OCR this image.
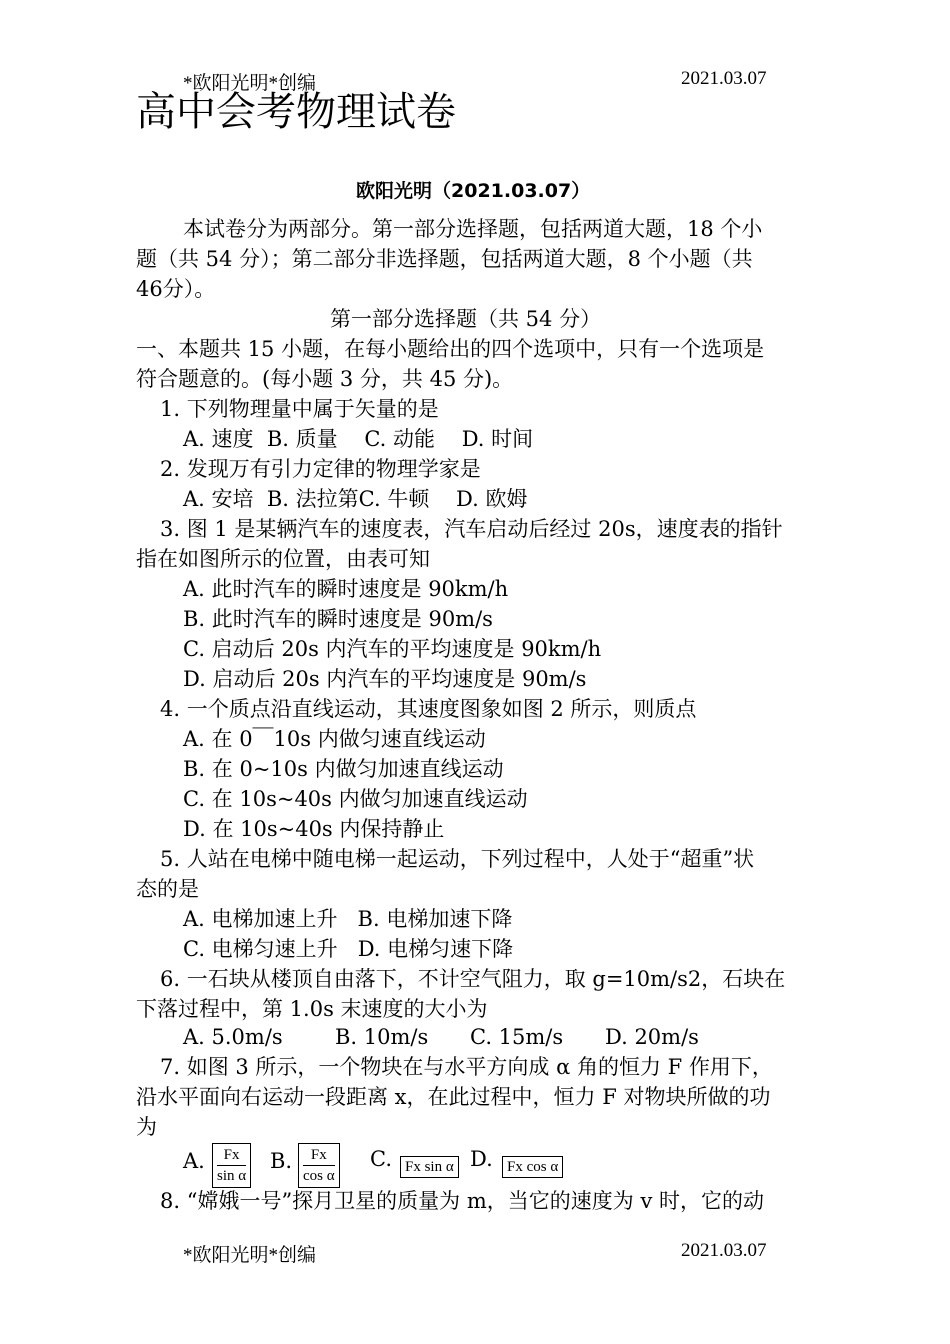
*欧阳光明*创编	2021.03.07
高中会考物理试卷
欧阳光明（2021.03.07）
本试卷分为两部分。第一部分选择题，包括两道大题，18 个小
题（共 54 分）；第二部分非选择题，包括两道大题，8 个小题（共
46分）。
第一部分选择题（共 54 分）
一、本题共 15 小题，在每小题给出的四个选项中，只有一个选项是
符合题意的。(每小题 3 分，共 45 分)。
1. 下列物理量中属于矢量的是
A. 速度  B. 质量    C. 动能    D. 时间
2. 发现万有引力定律的物理学家是
A. 安培  B. 法拉第C. 牛顿    D. 欧姆
3. 图 1 是某辆汽车的速度表，汽车启动后经过 20s，速度表的指针
指在如图所示的位置，由表可知
A. 此时汽车的瞬时速度是 90km/h
B. 此时汽车的瞬时速度是 90m/s
C. 启动后 20s 内汽车的平均速度是 90km/h
D. 启动后 20s 内汽车的平均速度是 90m/s
4. 一个质点沿直线运动，其速度图象如图 2 所示，则质点
A. 在 0￣10s 内做匀速直线运动
B. 在 0~10s 内做匀加速直线运动
C. 在 10s~40s 内做匀加速直线运动
D. 在 10s~40s 内保持静止
5. 人站在电梯中随电梯一起运动，下列过程中，人处于“超重”状
态的是
A. 电梯加速上升   B. 电梯加速下降
C. 电梯匀速上升   D. 电梯匀速下降
6. 一石块从楼顶自由落下，不计空气阻力，取 g=10m/s2，石块在
下落过程中，第 1.0s 末速度的大小为
A. 5.0m/s B. 10m/s C. 15m/s D. 20m/s
7. 如图 3 所示，一个物块在与水平方向成 α 角的恒力 F 作用下，
沿水平面向右运动一段距离 x，在此过程中，恒力 F 对物块所做的功
为
A. $\frac{Fx}{\text{sin α}} B$. $\frac{Fx}{\text{cos α}} C$. Fx sin α D. Fx cos α
8. “嫦娥一号”探月卫星的质量为 m，当它的速度为 v 时，它的动
*欧阳光明*创编	2021.03.07
